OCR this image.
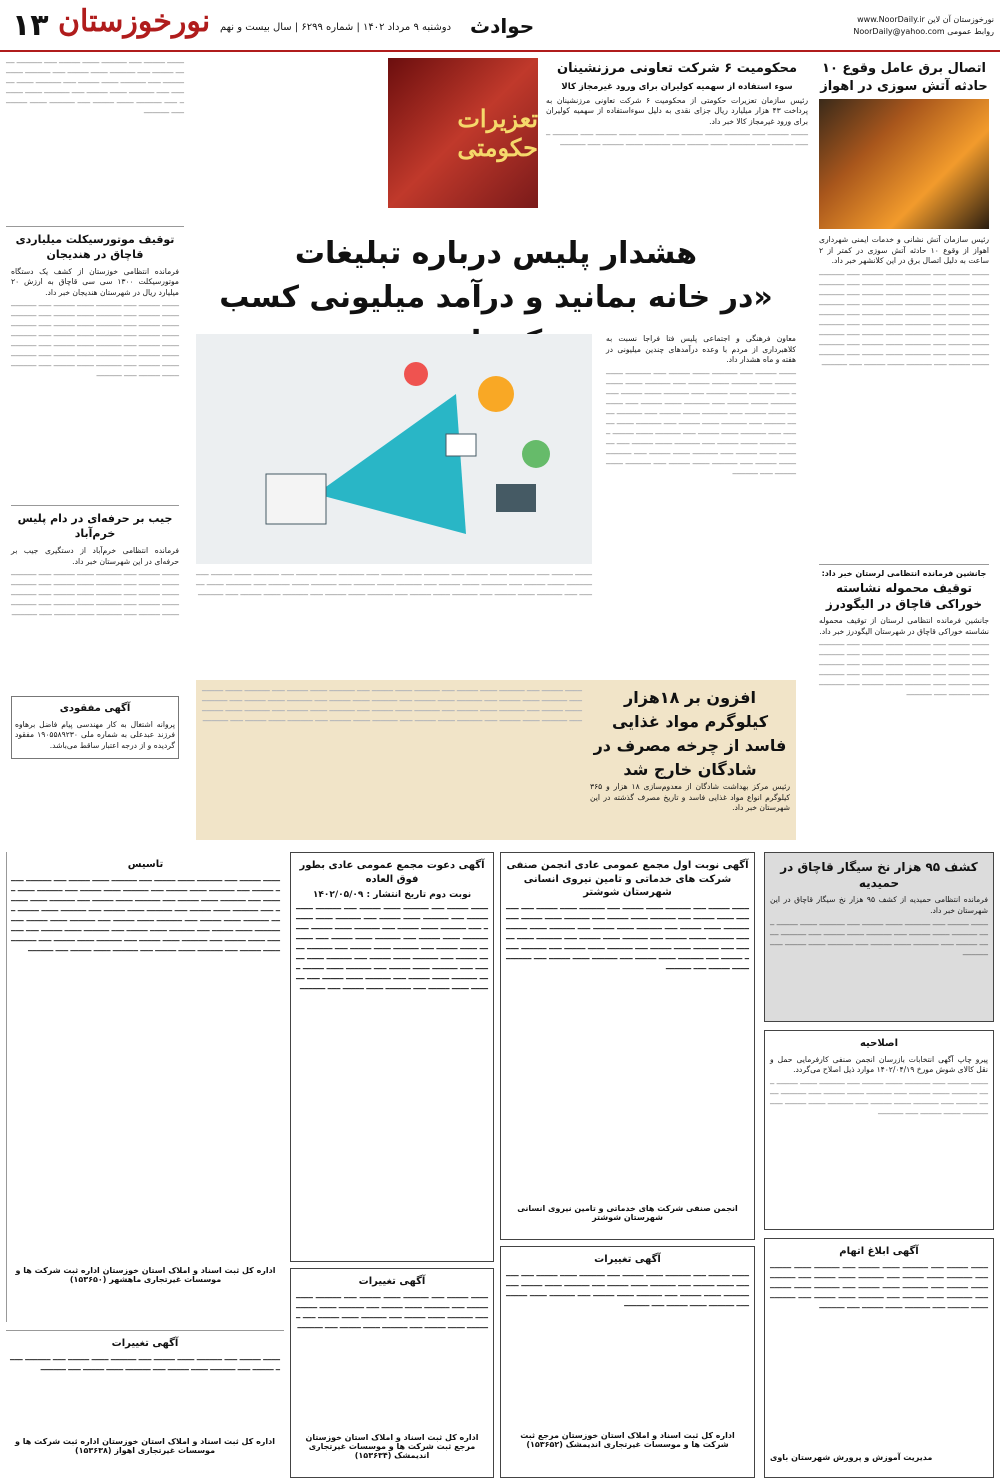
۱۳ نورخوزستان دوشنبه ۹ مرداد ۱۴۰۲ | شماره ۶۲۹۹ | سال بیست و نهم حوادث	www.NoorDaily.ir نورخوزستان آن لاین
NoorDaily@yahoo.com روابط عمومی
اتصال برق عامل وقوع ۱۰ حادثه آتش سوزی در اهواز

رئیس سازمان آتش نشانی و خدمات ایمنی شهرداری اهواز از وقوع ۱۰ حادثه آتش سوزی در کمتر از ۲ ساعت به دلیل اتصال برق در این کلانشهر خبر داد.

━━━━ ━━━━━ ━━━ ━━━━━━ ━━━━ ━━━━━ ━━━ ━━━━━━ ━━━━ ━━━━━ ━━━ ━━━━━━ ━━━━ ━━━━━ ━━━ ━━━━━━ ━━━━ ━━━━━ ━━━ ━━━━━━ ━━━━ ━━━━━ ━━━ ━━━━━━ ━━━━ ━━━━━ ━━━ ━━━━━━ ━━━━ ━━━━━ ━━━ ━━━━━━ ━━━━ ━━━━━ ━━━ ━━━━━━ ━━━━ ━━━━━ ━━━ ━━━━━━ ━━━━ ━━━━━ ━━━ ━━━━━━ ━━━━ ━━━━━ ━━━ ━━━━━━ ━━━━ ━━━━━ ━━━ ━━━━━━ ━━━━ ━━━━━ ━━━ ━━━━━━ ━━━━ ━━━━━ ━━━ ━━━━━━ ━━━━ ━━━━━ ━━━ ━━━━━━ ━━━━ ━━━━━ ━━━ ━━━━━━ ━━━━ ━━━━━ ━━━ ━━━━━━ ━━━━ ━━━━━ ━━━ ━━━━━━ ━━━━ ━━━━━ ━━━ ━━━━━━
جانشین فرمانده انتظامی لرستان خبر داد:
توقیف محموله نشاسته خوراکی قاچاق در الیگودرز

جانشین فرمانده انتظامی لرستان از توقیف محموله نشاسته خوراکی قاچاق در شهرستان الیگودرز خبر داد.

━━━━ ━━━━━ ━━━ ━━━━━━ ━━━━ ━━━━━ ━━━ ━━━━━━ ━━━━ ━━━━━ ━━━ ━━━━━━ ━━━━ ━━━━━ ━━━ ━━━━━━ ━━━━ ━━━━━ ━━━ ━━━━━━ ━━━━ ━━━━━ ━━━ ━━━━━━ ━━━━ ━━━━━ ━━━ ━━━━━━ ━━━━ ━━━━━ ━━━ ━━━━━━ ━━━━ ━━━━━ ━━━ ━━━━━━ ━━━━ ━━━━━ ━━━ ━━━━━━ ━━━━ ━━━━━ ━━━ ━━━━━━
تعزیرات حکومتی
محکومیت ۶ شرکت تعاونی مرزنشینان
سوء استفاده از سهمیه کولیران برای ورود غیرمجاز کالا

رئیس سازمان تعزیرات حکومتی از محکومیت ۶ شرکت تعاونی مرزنشینان به پرداخت ۴۳ هزار میلیارد ریال جزای نقدی به دلیل سوءاستفاده از سهمیه کولیران برای ورود غیرمجاز کالا خبر داد.

━━━━ ━━━━━ ━━━ ━━━━━━ ━━━━ ━━━━━ ━━━ ━━━━━━ ━━━━ ━━━━━ ━━━ ━━━━━━ ━━━━ ━━━━━ ━━━ ━━━━━━ ━━━━ ━━━━━ ━━━ ━━━━━━ ━━━━ ━━━━━ ━━━ ━━━━━━
━━━━ ━━━━━ ━━━ ━━━━━━ ━━━━ ━━━━━ ━━━ ━━━━━━ ━━━━ ━━━━━ ━━━ ━━━━━━ ━━━━ ━━━━━ ━━━ ━━━━━━ ━━━━ ━━━━━ ━━━ ━━━━━━ ━━━━ ━━━━━ ━━━ ━━━━━━ ━━━━ ━━━━━ ━━━ ━━━━━━ ━━━━ ━━━━━ ━━━ ━━━━━━ ━━━━ ━━━━━ ━━━ ━━━━━━ ━━━━ ━━━━━ ━━━ ━━━━━━ ━━━━ ━━━━━ ━━━ ━━━━━━
توقیف موتورسیکلت میلیاردی قاچاق در هندیجان

فرمانده انتظامی خوزستان از کشف یک دستگاه موتورسیکلت ۱۳۰۰ سی سی قاچاق به ارزش ۲۰ میلیارد ریال در شهرستان هندیجان خبر داد.

━━━━ ━━━━━ ━━━ ━━━━━━ ━━━━ ━━━━━ ━━━ ━━━━━━ ━━━━ ━━━━━ ━━━ ━━━━━━ ━━━━ ━━━━━ ━━━ ━━━━━━ ━━━━ ━━━━━ ━━━ ━━━━━━ ━━━━ ━━━━━ ━━━ ━━━━━━ ━━━━ ━━━━━ ━━━ ━━━━━━ ━━━━ ━━━━━ ━━━ ━━━━━━ ━━━━ ━━━━━ ━━━ ━━━━━━ ━━━━ ━━━━━ ━━━ ━━━━━━ ━━━━ ━━━━━ ━━━ ━━━━━━ ━━━━ ━━━━━ ━━━ ━━━━━━ ━━━━ ━━━━━ ━━━ ━━━━━━ ━━━━ ━━━━━ ━━━ ━━━━━━ ━━━━ ━━━━━ ━━━ ━━━━━━
جیب بر حرفه‌ای در دام پلیس خرم‌آباد

فرمانده انتظامی خرم‌آباد از دستگیری جیب بر حرفه‌ای در این شهرستان خبر داد.

━━━━ ━━━━━ ━━━ ━━━━━━ ━━━━ ━━━━━ ━━━ ━━━━━━ ━━━━ ━━━━━ ━━━ ━━━━━━ ━━━━ ━━━━━ ━━━ ━━━━━━ ━━━━ ━━━━━ ━━━ ━━━━━━ ━━━━ ━━━━━ ━━━ ━━━━━━ ━━━━ ━━━━━ ━━━ ━━━━━━ ━━━━ ━━━━━ ━━━ ━━━━━━ ━━━━ ━━━━━ ━━━ ━━━━━━ ━━━━ ━━━━━ ━━━ ━━━━━━
آگهی مفقودی

پروانه اشتغال به کار مهندسی پیام فاضل برهاوه فرزند عبدعلی به شماره ملی ۱۹۰۵۵۸۹۲۳۰ مفقود گردیده و از درجه اعتبار ساقط می‌باشد.

هشدار پلیس درباره تبلیغات
«در خانه بمانید و درآمد میلیونی کسب

معاون فرهنگی و اجتماعی پلیس فتا فراجا نسبت به کلاهبرداری از مردم با وعده درآمدهای چندین میلیونی در هفته و ماه هشدار داد.

━━━━ ━━━━━ ━━━ ━━━━━━ ━━━━ ━━━━━ ━━━ ━━━━━━ ━━━━ ━━━━━ ━━━ ━━━━━━ ━━━━ ━━━━━ ━━━ ━━━━━━ ━━━━ ━━━━━ ━━━ ━━━━━━ ━━━━ ━━━━━ ━━━ ━━━━━━ ━━━━ ━━━━━ ━━━ ━━━━━━ ━━━━ ━━━━━ ━━━ ━━━━━━ ━━━━ ━━━━━ ━━━ ━━━━━━ ━━━━ ━━━━━ ━━━ ━━━━━━ ━━━━ ━━━━━ ━━━ ━━━━━━ ━━━━ ━━━━━ ━━━ ━━━━━━ ━━━━ ━━━━━ ━━━ ━━━━━━ ━━━━ ━━━━━ ━━━ ━━━━━━ ━━━━ ━━━━━ ━━━ ━━━━━━ ━━━━ ━━━━━ ━━━ ━━━━━━ ━━━━ ━━━━━ ━━━ ━━━━━━ ━━━━ ━━━━━ ━━━ ━━━━━━ ━━━━ ━━━━━ ━━━ ━━━━━━ ━━━━ ━━━━━ ━━━ ━━━━━━ ━━━━ ━━━━━ ━━━ ━━━━━━ ━━━━ ━━━━━ ━━━ ━━━━━━ ━━━━ ━━━━━ ━━━ ━━━━━━
━━━━ ━━━━━ ━━━ ━━━━━━ ━━━━ ━━━━━ ━━━ ━━━━━━ ━━━━ ━━━━━ ━━━ ━━━━━━ ━━━━ ━━━━━ ━━━ ━━━━━━ ━━━━ ━━━━━ ━━━ ━━━━━━ ━━━━ ━━━━━ ━━━ ━━━━━━ ━━━━ ━━━━━ ━━━ ━━━━━━ ━━━━ ━━━━━ ━━━ ━━━━━━ ━━━━ ━━━━━ ━━━ ━━━━━━ ━━━━ ━━━━━ ━━━ ━━━━━━ ━━━━ ━━━━━ ━━━ ━━━━━━ ━━━━ ━━━━━ ━━━ ━━━━━━ ━━━━ ━━━━━ ━━━ ━━━━━━ ━━━━ ━━━━━ ━━━ ━━━━━━
افزون بر ۱۸هزار کیلوگرم مواد غذایی فاسد از چرخه مصرف در شادگان خارج شد

رئیس مرکز بهداشت شادگان از معدوم‌سازی ۱۸ هزار و ۳۶۵ کیلوگرم انواع مواد غذایی فاسد و تاریخ مصرف گذشته در این شهرستان خبر داد.

━━━━ ━━━━━ ━━━ ━━━━━━ ━━━━ ━━━━━ ━━━ ━━━━━━ ━━━━ ━━━━━ ━━━ ━━━━━━ ━━━━ ━━━━━ ━━━ ━━━━━━ ━━━━ ━━━━━ ━━━ ━━━━━━ ━━━━ ━━━━━ ━━━ ━━━━━━ ━━━━ ━━━━━ ━━━ ━━━━━━ ━━━━ ━━━━━ ━━━ ━━━━━━ ━━━━ ━━━━━ ━━━ ━━━━━━ ━━━━ ━━━━━ ━━━ ━━━━━━ ━━━━ ━━━━━ ━━━ ━━━━━━ ━━━━ ━━━━━ ━━━ ━━━━━━ ━━━━ ━━━━━ ━━━ ━━━━━━ ━━━━ ━━━━━ ━━━ ━━━━━━ ━━━━ ━━━━━ ━━━ ━━━━━━ ━━━━ ━━━━━ ━━━ ━━━━━━ ━━━━ ━━━━━ ━━━ ━━━━━━ ━━━━ ━━━━━ ━━━ ━━━━━━
کشف ۹۵ هزار نخ سیگار قاچاق در حمیدیه

فرمانده انتظامی حمیدیه از کشف ۹۵ هزار نخ سیگار قاچاق در این شهرستان خبر داد.

━━━━ ━━━━━ ━━━ ━━━━━━ ━━━━ ━━━━━ ━━━ ━━━━━━ ━━━━ ━━━━━ ━━━ ━━━━━━ ━━━━ ━━━━━ ━━━ ━━━━━━ ━━━━ ━━━━━ ━━━ ━━━━━━ ━━━━ ━━━━━ ━━━ ━━━━━━ ━━━━ ━━━━━ ━━━ ━━━━━━ ━━━━ ━━━━━ ━━━ ━━━━━━
اصلاحیه

پیرو چاپ آگهی انتخابات بازرسان انجمن صنفی کارفرمایی حمل و نقل کالای شوش مورخ ۱۴۰۲/۰۴/۱۹ موارد ذیل اصلاح می‌گردد.

━━━━ ━━━━━ ━━━ ━━━━━━ ━━━━ ━━━━━ ━━━ ━━━━━━ ━━━━ ━━━━━ ━━━ ━━━━━━ ━━━━ ━━━━━ ━━━ ━━━━━━ ━━━━ ━━━━━ ━━━ ━━━━━━ ━━━━ ━━━━━ ━━━ ━━━━━━ ━━━━ ━━━━━ ━━━ ━━━━━━ ━━━━ ━━━━━ ━━━ ━━━━━━ ━━━━ ━━━━━ ━━━ ━━━━━━
آگهی ابلاغ اتهام
━━━━ ━━━━━ ━━━ ━━━━━━ ━━━━ ━━━━━ ━━━ ━━━━━━ ━━━━ ━━━━━ ━━━ ━━━━━━ ━━━━ ━━━━━ ━━━ ━━━━━━ ━━━━ ━━━━━ ━━━ ━━━━━━ ━━━━ ━━━━━ ━━━ ━━━━━━ ━━━━ ━━━━━ ━━━ ━━━━━━ ━━━━ ━━━━━ ━━━ ━━━━━━ ━━━━ ━━━━━ ━━━ ━━━━━━ ━━━━ ━━━━━ ━━━ ━━━━━━ ━━━━ ━━━━━ ━━━ ━━━━━━ ━━━━ ━━━━━ ━━━ ━━━━━━
مدیریت آموزش و پرورش شهرستان باوی
آگهی نوبت اول مجمع عمومی عادی انجمن صنفی شرکت های خدماتی و تامین نیروی انسانی شهرستان شوشتر
━━━━ ━━━━━ ━━━ ━━━━━━ ━━━━ ━━━━━ ━━━ ━━━━━━ ━━━━ ━━━━━ ━━━ ━━━━━━ ━━━━ ━━━━━ ━━━ ━━━━━━ ━━━━ ━━━━━ ━━━ ━━━━━━ ━━━━ ━━━━━ ━━━ ━━━━━━ ━━━━ ━━━━━ ━━━ ━━━━━━ ━━━━ ━━━━━ ━━━ ━━━━━━ ━━━━ ━━━━━ ━━━ ━━━━━━ ━━━━ ━━━━━ ━━━ ━━━━━━ ━━━━ ━━━━━ ━━━ ━━━━━━ ━━━━ ━━━━━ ━━━ ━━━━━━ ━━━━ ━━━━━ ━━━ ━━━━━━ ━━━━ ━━━━━ ━━━ ━━━━━━ ━━━━ ━━━━━ ━━━ ━━━━━━ ━━━━ ━━━━━ ━━━ ━━━━━━ ━━━━ ━━━━━ ━━━ ━━━━━━ ━━━━ ━━━━━ ━━━ ━━━━━━
انجمن صنفی شرکت های خدماتی و تامین نیروی انسانی شهرستان شوشتر
آگهی دعوت مجمع عمومی عادی بطور فوق العاده
نوبت دوم تاریخ انتشار : ۱۴۰۲/۰۵/۰۹
━━━━ ━━━━━ ━━━ ━━━━━━ ━━━━ ━━━━━ ━━━ ━━━━━━ ━━━━ ━━━━━ ━━━ ━━━━━━ ━━━━ ━━━━━ ━━━ ━━━━━━ ━━━━ ━━━━━ ━━━ ━━━━━━ ━━━━ ━━━━━ ━━━ ━━━━━━ ━━━━ ━━━━━ ━━━ ━━━━━━ ━━━━ ━━━━━ ━━━ ━━━━━━ ━━━━ ━━━━━ ━━━ ━━━━━━ ━━━━ ━━━━━ ━━━ ━━━━━━ ━━━━ ━━━━━ ━━━ ━━━━━━ ━━━━ ━━━━━ ━━━ ━━━━━━ ━━━━ ━━━━━ ━━━ ━━━━━━ ━━━━ ━━━━━ ━━━ ━━━━━━ ━━━━ ━━━━━ ━━━ ━━━━━━ ━━━━ ━━━━━ ━━━ ━━━━━━ ━━━━ ━━━━━ ━━━ ━━━━━━ ━━━━ ━━━━━ ━━━ ━━━━━━ ━━━━ ━━━━━ ━━━ ━━━━━━ ━━━━ ━━━━━ ━━━ ━━━━━━
تاسیس
━━━━ ━━━━━ ━━━ ━━━━━━ ━━━━ ━━━━━ ━━━ ━━━━━━ ━━━━ ━━━━━ ━━━ ━━━━━━ ━━━━ ━━━━━ ━━━ ━━━━━━ ━━━━ ━━━━━ ━━━ ━━━━━━ ━━━━ ━━━━━ ━━━ ━━━━━━ ━━━━ ━━━━━ ━━━ ━━━━━━ ━━━━ ━━━━━ ━━━ ━━━━━━ ━━━━ ━━━━━ ━━━ ━━━━━━ ━━━━ ━━━━━ ━━━ ━━━━━━ ━━━━ ━━━━━ ━━━ ━━━━━━ ━━━━ ━━━━━ ━━━ ━━━━━━ ━━━━ ━━━━━ ━━━ ━━━━━━ ━━━━ ━━━━━ ━━━ ━━━━━━ ━━━━ ━━━━━ ━━━ ━━━━━━ ━━━━ ━━━━━ ━━━ ━━━━━━ ━━━━ ━━━━━ ━━━ ━━━━━━ ━━━━ ━━━━━ ━━━ ━━━━━━ ━━━━ ━━━━━ ━━━ ━━━━━━ ━━━━ ━━━━━ ━━━ ━━━━━━ ━━━━ ━━━━━ ━━━ ━━━━━━ ━━━━ ━━━━━ ━━━ ━━━━━━ ━━━━ ━━━━━ ━━━ ━━━━━━ ━━━━ ━━━━━ ━━━ ━━━━━━ ━━━━ ━━━━━ ━━━ ━━━━━━
اداره کل ثبت اسناد و املاک استان خوزستان اداره ثبت شرکت ها و موسسات غیرتجاری ماهشهر (۱۵۳۶۵۰)
آگهی تغییرات
━━━━ ━━━━━ ━━━ ━━━━━━ ━━━━ ━━━━━ ━━━ ━━━━━━ ━━━━ ━━━━━ ━━━ ━━━━━━ ━━━━ ━━━━━ ━━━ ━━━━━━ ━━━━ ━━━━━ ━━━ ━━━━━━ ━━━━ ━━━━━ ━━━ ━━━━━━ ━━━━ ━━━━━ ━━━ ━━━━━━ ━━━━ ━━━━━ ━━━ ━━━━━━ ━━━━ ━━━━━ ━━━ ━━━━━━ ━━━━ ━━━━━ ━━━ ━━━━━━
اداره کل ثبت اسناد و املاک استان خوزستان مرجع ثبت شرکت ها و موسسات غیرتجاری اندیمشک (۱۵۳۶۵۲)
آگهی تغییرات
━━━━ ━━━━━ ━━━ ━━━━━━ ━━━━ ━━━━━ ━━━ ━━━━━━ ━━━━ ━━━━━ ━━━ ━━━━━━ ━━━━ ━━━━━ ━━━ ━━━━━━ ━━━━ ━━━━━ ━━━ ━━━━━━ ━━━━ ━━━━━ ━━━ ━━━━━━ ━━━━ ━━━━━ ━━━ ━━━━━━ ━━━━ ━━━━━ ━━━ ━━━━━━ ━━━━ ━━━━━ ━━━ ━━━━━━
اداره کل ثبت اسناد و املاک استان خوزستان مرجع ثبت شرکت ها و موسسات غیرتجاری اندیمشک (۱۵۳۶۳۴)
آگهی تغییرات
━━━━ ━━━━━ ━━━ ━━━━━━ ━━━━ ━━━━━ ━━━ ━━━━━━ ━━━━ ━━━━━ ━━━ ━━━━━━ ━━━━ ━━━━━ ━━━ ━━━━━━ ━━━━ ━━━━━ ━━━ ━━━━━━ ━━━━ ━━━━━ ━━━ ━━━━━━
اداره کل ثبت اسناد و املاک استان خوزستان اداره ثبت شرکت ها و موسسات غیرتجاری اهواز (۱۵۳۶۳۸)
